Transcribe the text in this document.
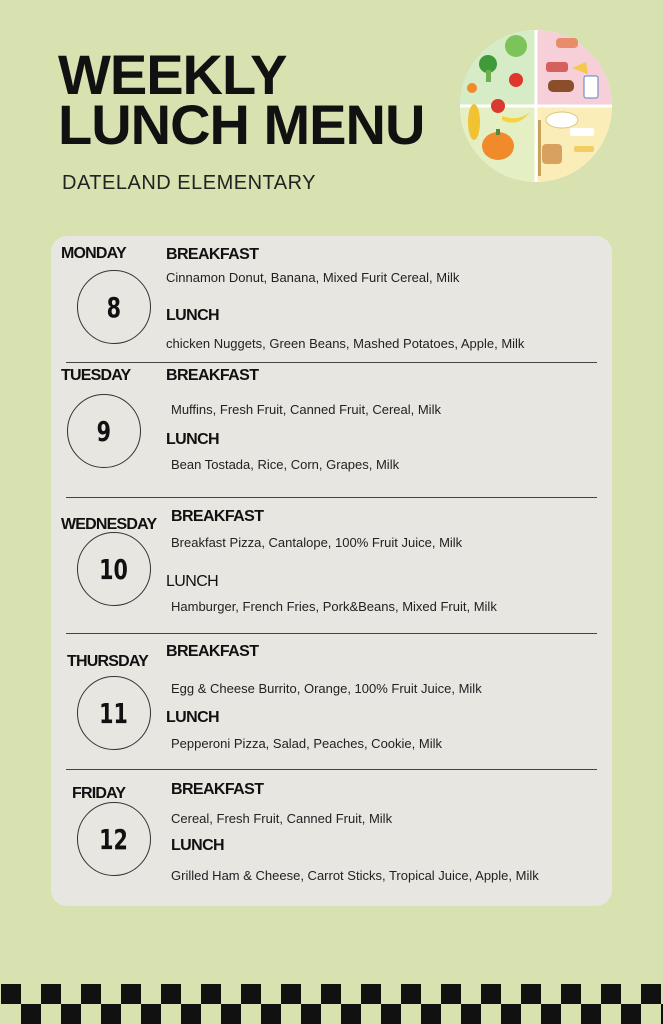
WEEKLY
LUNCH MENU
DATELAND ELEMENTARY
MONDAY
8
BREAKFAST
Cinnamon Donut, Banana, Mixed Furit Cereal, Milk
LUNCH
chicken Nuggets, Green Beans, Mashed Potatoes, Apple, Milk
TUESDAY
9
BREAKFAST
Muffins, Fresh Fruit, Canned Fruit, Cereal, Milk
LUNCH
Bean Tostada, Rice, Corn, Grapes, Milk
WEDNESDAY
10
BREAKFAST
Breakfast Pizza, Cantalope, 100% Fruit Juice, Milk
LUNCH
Hamburger, French Fries, Pork&Beans, Mixed Fruit, Milk
THURSDAY
11
BREAKFAST
Egg & Cheese Burrito, Orange, 100% Fruit Juice, Milk
LUNCH
Pepperoni Pizza, Salad, Peaches, Cookie, Milk
FRIDAY
12
BREAKFAST
Cereal, Fresh Fruit, Canned Fruit, Milk
LUNCH
Grilled Ham & Cheese, Carrot Sticks, Tropical Juice, Apple, Milk
